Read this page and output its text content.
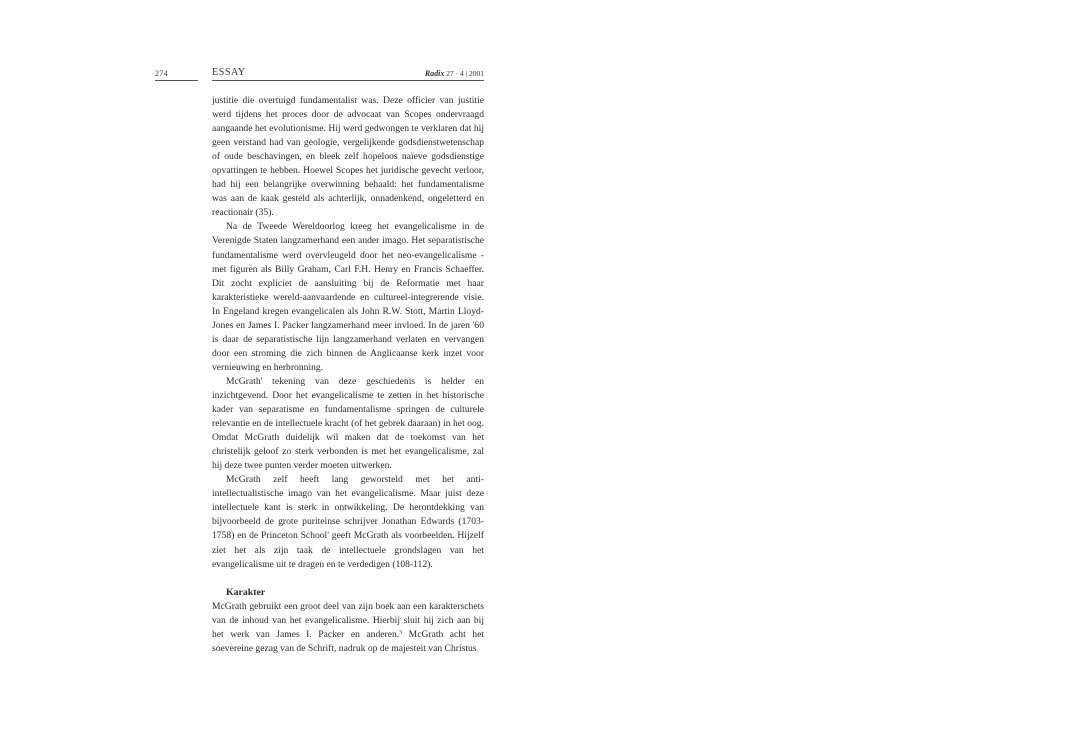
274	ESSAY	Radix 27 · 4 | 2001

justitie die overtuigd fundamentalist was. Deze officier van justitie werd tijdens het proces door de advocaat van Scopes ondervraagd aangaande het evolutionisme. Hij werd gedwongen te verklaren dat hij geen verstand had van geologie, vergelijkende godsdienstwetenschap of oude beschavingen, en bleek zelf hopeloos naïeve godsdienstige opvattingen te hebben. Hoewel Scopes het juridische gevecht verloor, had hij een belangrijke overwinning behaald: het fundamentalisme was aan de kaak gesteld als achterlijk, onnadenkend, ongeletterd en reactionair (35).

Na de Tweede Wereldoorlog kreeg het evangelicalisme in de Verenigde Staten langzamerhand een ander imago. Het separatistische fundamentalisme werd overvleugeld door het neo-evangelicalisme - met figuren als Billy Graham, Carl F.H. Henry en Francis Schaeffer. Dit zocht expliciet de aansluiting bij de Reformatie met haar karakteristieke wereld-aanvaardende en cultureel-integrerende visie. In Engeland kregen evangelicalen als John R.W. Stott, Martin Lloyd-Jones en James I. Packer langzamerhand meer invloed. In de jaren '60 is daar de separatistische lijn langzamerhand verlaten en vervangen door een stroming die zich binnen de Anglicaanse kerk inzet voor vernieuwing en herbronning.

McGrath' tekening van deze geschiedenis is helder en inzichtgevend. Door het evangelicalisme te zetten in het historische kader van separatisme en fundamentalisme springen de culturele relevantie en de intellectuele kracht (of het gebrek daaraan) in het oog. Omdat McGrath duidelijk wil maken dat de toekomst van het christelijk geloof zo sterk verbonden is met het evangelicalisme, zal hij deze twee punten verder moeten uitwerken.

McGrath zelf heeft lang geworsteld met het anti-intellectualistische imago van het evangelicalisme. Maar juist deze intellectuele kant is sterk in ontwikkeling. De herontdekking van bijvoorbeeld de grote puriteinse schrijver Jonathan Edwards (1703-1758) en de Princeton School' geeft McGrath als voorbeelden. Hijzelf ziet het als zijn taak de intellectuele grondslagen van het evangelicalisme uit te dragen en te verdedigen (108-112).

Karakter

McGrath gebruikt een groot deel van zijn boek aan een karakterschets van de inhoud van het evangelicalisme. Hierbij sluit hij zich aan bij het werk van James I. Packer en anderen.$^3$ McGrath acht het soevereine gezag van de Schrift, nadruk op de majesteit van Christus
